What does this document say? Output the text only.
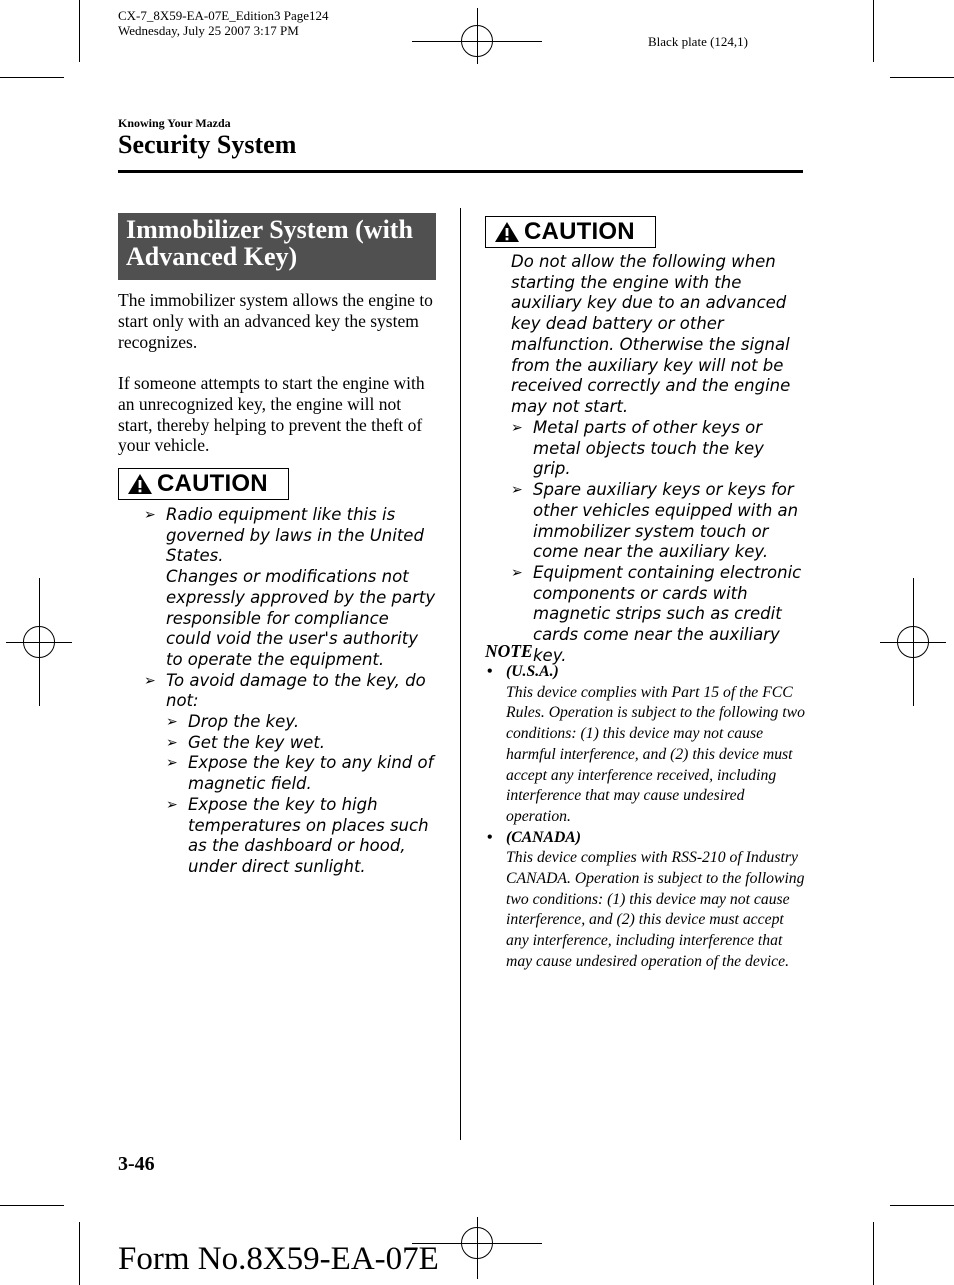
CX-7_8X59-EA-07E_Edition3 Page124
Wednesday, July 25 2007 3:17 PM
Black plate (124,1)
Knowing Your Mazda
Security System
Immobilizer System (with Advanced Key)
The immobilizer system allows the engine to start only with an advanced key the system recognizes.
If someone attempts to start the engine with an unrecognized key, the engine will not start, thereby helping to prevent the theft of your vehicle.
CAUTION
➢ Radio equipment like this is governed by laws in the United States.
Changes or modifications not expressly approved by the party responsible for compliance could void the user's authority to operate the equipment.
➢ To avoid damage to the key, do not:
➢ Drop the key.
➢ Get the key wet.
➢ Expose the key to any kind of magnetic field.
➢ Expose the key to high temperatures on places such as the dashboard or hood, under direct sunlight.
CAUTION
Do not allow the following when starting the engine with the auxiliary key due to an advanced key dead battery or other malfunction. Otherwise the signal from the auxiliary key will not be received correctly and the engine may not start.
➢ Metal parts of other keys or metal objects touch the key grip.
➢ Spare auxiliary keys or keys for other vehicles equipped with an immobilizer system touch or come near the auxiliary key.
➢ Equipment containing electronic components or cards with magnetic strips such as credit cards come near the auxiliary key.
NOTE
• (U.S.A.)
This device complies with Part 15 of the FCC Rules. Operation is subject to the following two conditions: (1) this device may not cause harmful interference, and (2) this device must accept any interference received, including interference that may cause undesired operation.
• (CANADA)
This device complies with RSS-210 of Industry CANADA. Operation is subject to the following two conditions: (1) this device may not cause interference, and (2) this device must accept any interference, including interference that may cause undesired operation of the device.
3-46
Form No.8X59-EA-07E
